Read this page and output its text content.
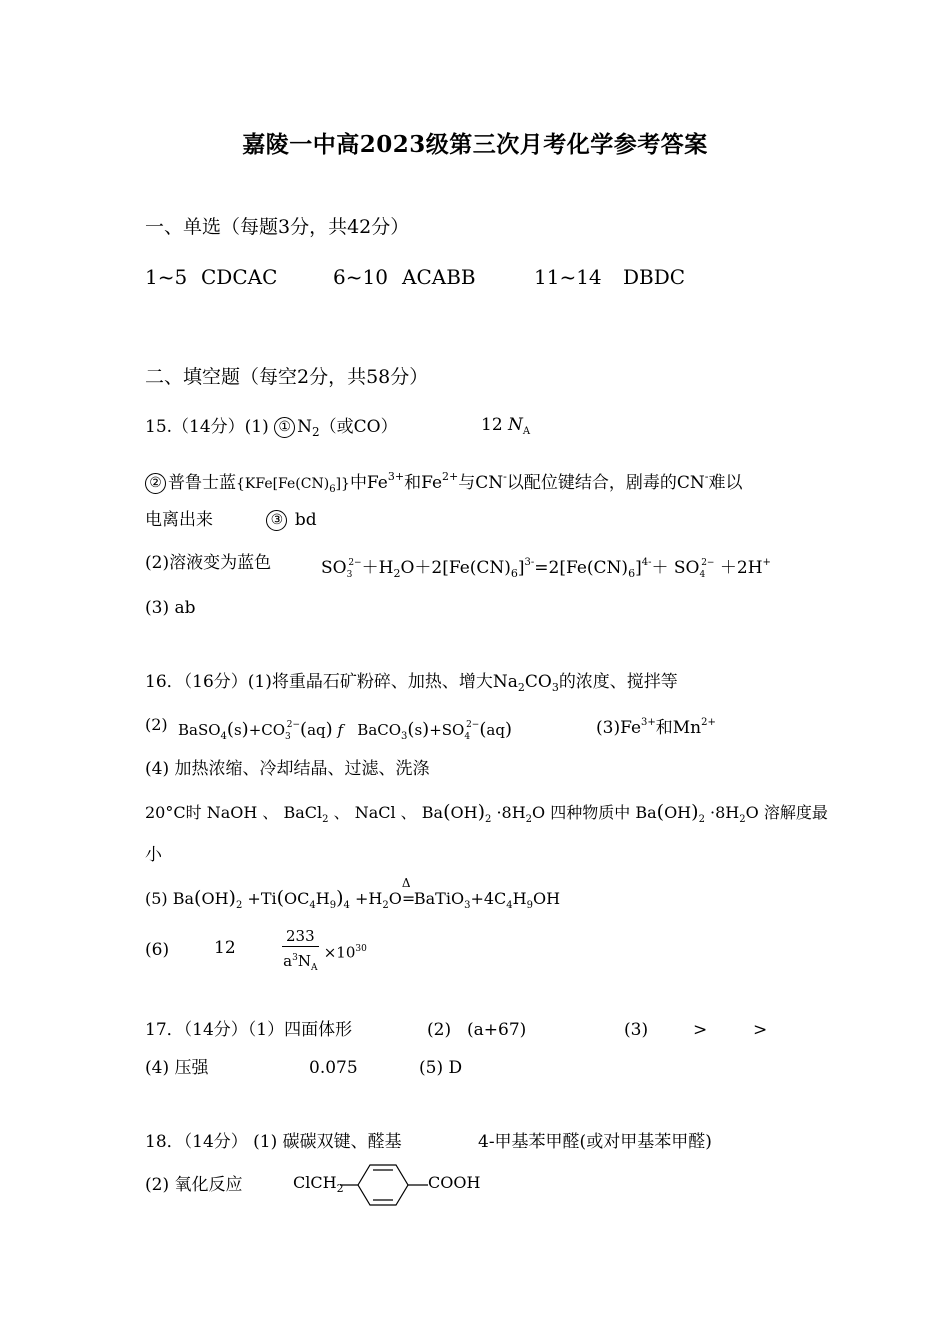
嘉陵一中高2023级第三次月考化学参考答案
一、单选（每题3分，共42分）
1~5 CDCAC	6~10 ACABB	11~14 DBDC
二、填空题（每空2分，共58分）
15.（14分）(1) ① $N_2$（或CO）	12 $N_A$
② 普鲁士蓝$\{KFe[Fe(CN)_6]\}$中$Fe^{3+}$和$Fe^{2+}$与CN-以配位键结合，剧毒的CN-难以
电离出来	③ bd
(2)溶液变为蓝色	$SO_3^{2-}+H_2O+2[Fe(CN)_6]^{3-}=2[Fe(CN)_6]^{4-}+ SO_4^{2-} +2H^+$
(3) ab
16．（16分）(1)将重晶石矿粉碎、加热、增大$Na_2CO_3$的浓度、搅拌等
(2) $BaSO_4(s)+CO_3^{2-}(aq)$ f   $BaCO_3(s)+SO_4^{2-}(aq)$	$(3)Fe^{3+}$和$Mn^{2+}$
(4) 加热浓缩、冷却结晶、过滤、洗涤
20°C时 NaOH 、 BaCl$_2$ 、 NaCl 、 $Ba(OH)_2 \cdot 8H_2O$ 四种物质中 $Ba(OH)_2 \cdot 8H_2O$ 溶解度最
小
(5) $Ba(OH)_2 +Ti(OC_4H_9)_4 +H_2O$
Δ
$=BaTiO_3+4C_4H_9OH$
(6)	12	$\frac{233}{a^3N_A} \times 10^{30}$
17．（14分）（1）四面体形	(2) (a+67)	(3)	>	>
(4) 压强	0.075	(5) D
18．（14分） (1) 碳碳双键、醛基	4-甲基苯甲醛(或对甲基苯甲醛)
(2) 氧化反应	ClCH$_2$	COOH
